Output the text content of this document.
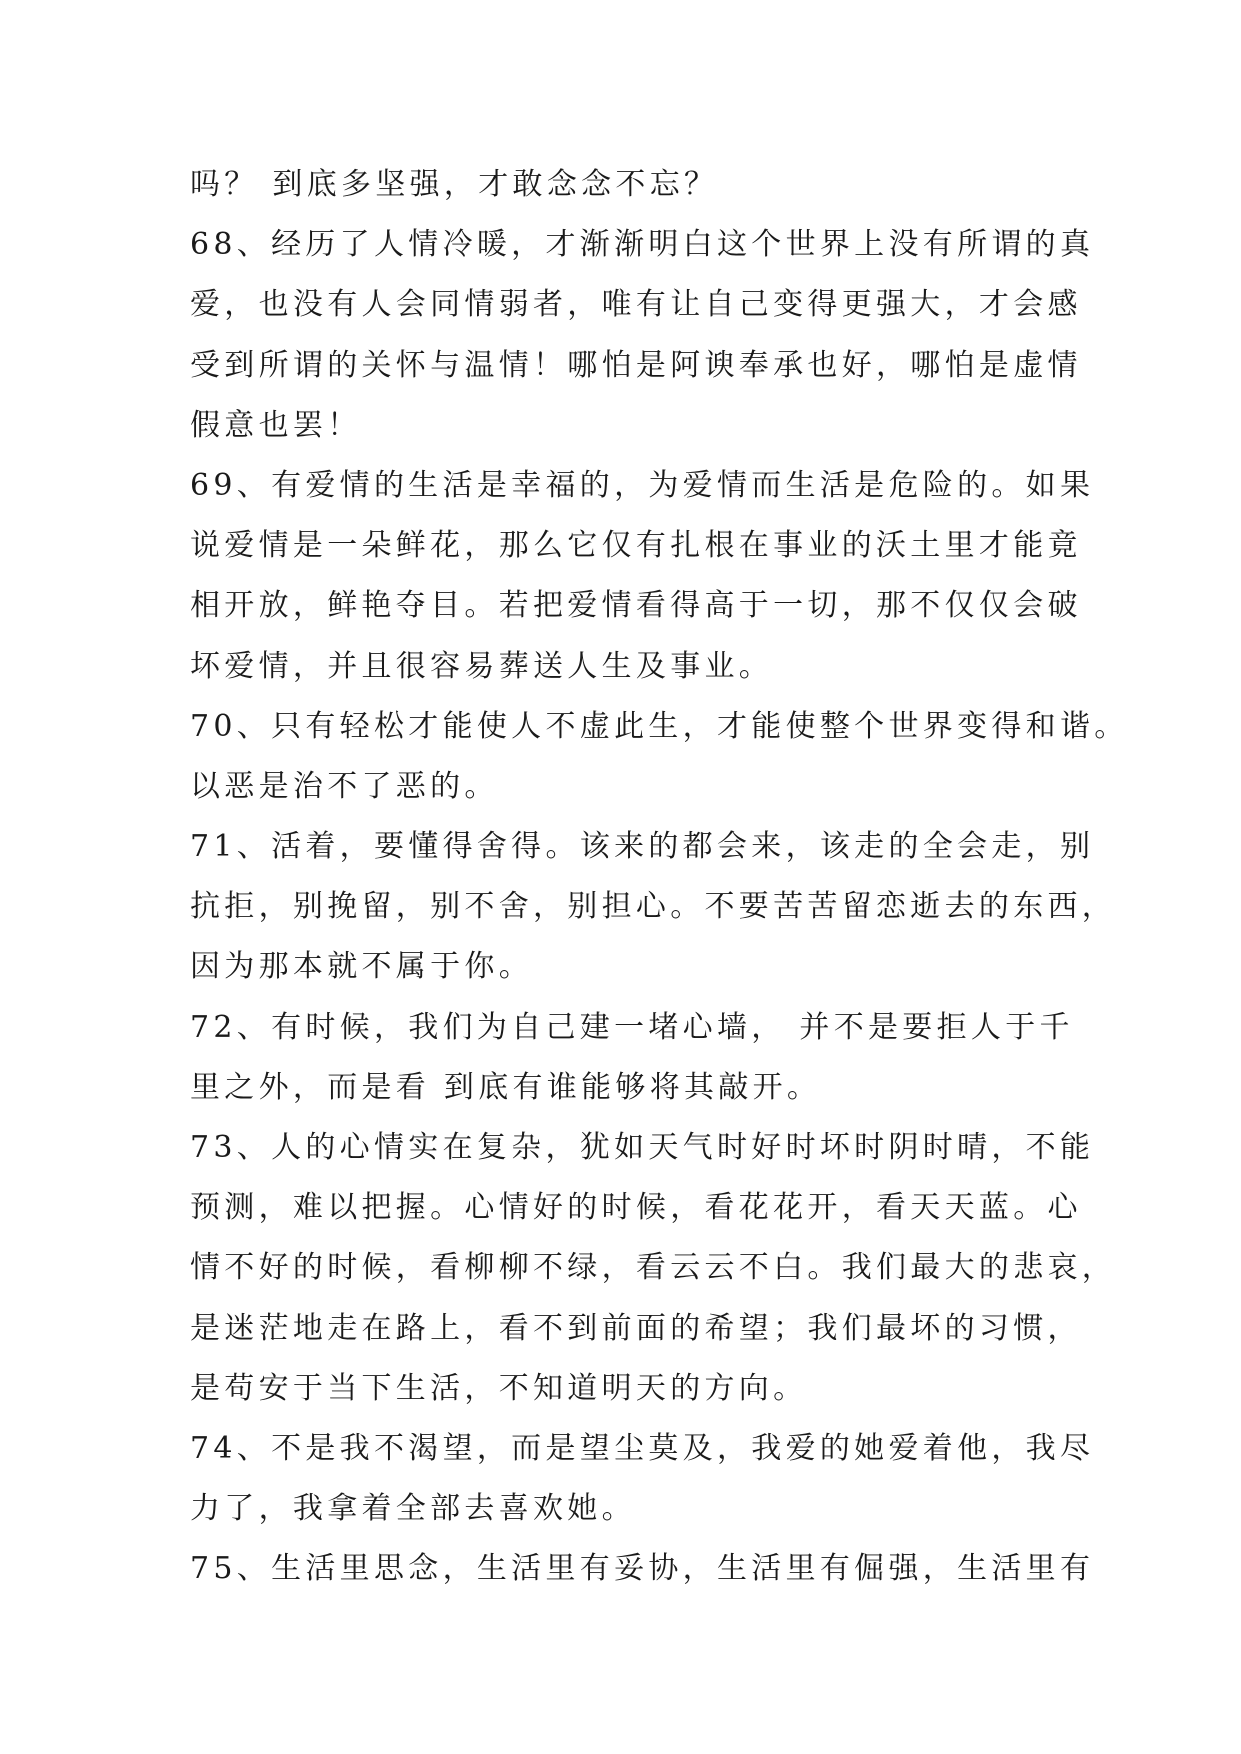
吗？ 到底多坚强，才敢念念不忘？
68、经历了人情冷暖，才渐渐明白这个世界上没有所谓的真
爱，也没有人会同情弱者，唯有让自己变得更强大，才会感
受到所谓的关怀与温情！哪怕是阿谀奉承也好，哪怕是虚情
假意也罢！
69、有爱情的生活是幸福的，为爱情而生活是危险的。如果
说爱情是一朵鲜花，那么它仅有扎根在事业的沃土里才能竟
相开放，鲜艳夺目。若把爱情看得高于一切，那不仅仅会破
坏爱情，并且很容易葬送人生及事业。
70、只有轻松才能使人不虚此生，才能使整个世界变得和谐。
以恶是治不了恶的。
71、活着，要懂得舍得。该来的都会来，该走的全会走，别
抗拒，别挽留，别不舍，别担心。不要苦苦留恋逝去的东西，
因为那本就不属于你。
72、有时候，我们为自己建一堵心墙， 并不是要拒人于千
里之外，而是看 到底有谁能够将其敲开。
73、人的心情实在复杂，犹如天气时好时坏时阴时晴，不能
预测，难以把握。心情好的时候，看花花开，看天天蓝。心
情不好的时候，看柳柳不绿，看云云不白。我们最大的悲哀，
是迷茫地走在路上，看不到前面的希望；我们最坏的习惯，
是苟安于当下生活，不知道明天的方向。
74、不是我不渴望，而是望尘莫及，我爱的她爱着他，我尽
力了，我拿着全部去喜欢她。
75、生活里思念，生活里有妥协，生活里有倔强，生活里有
